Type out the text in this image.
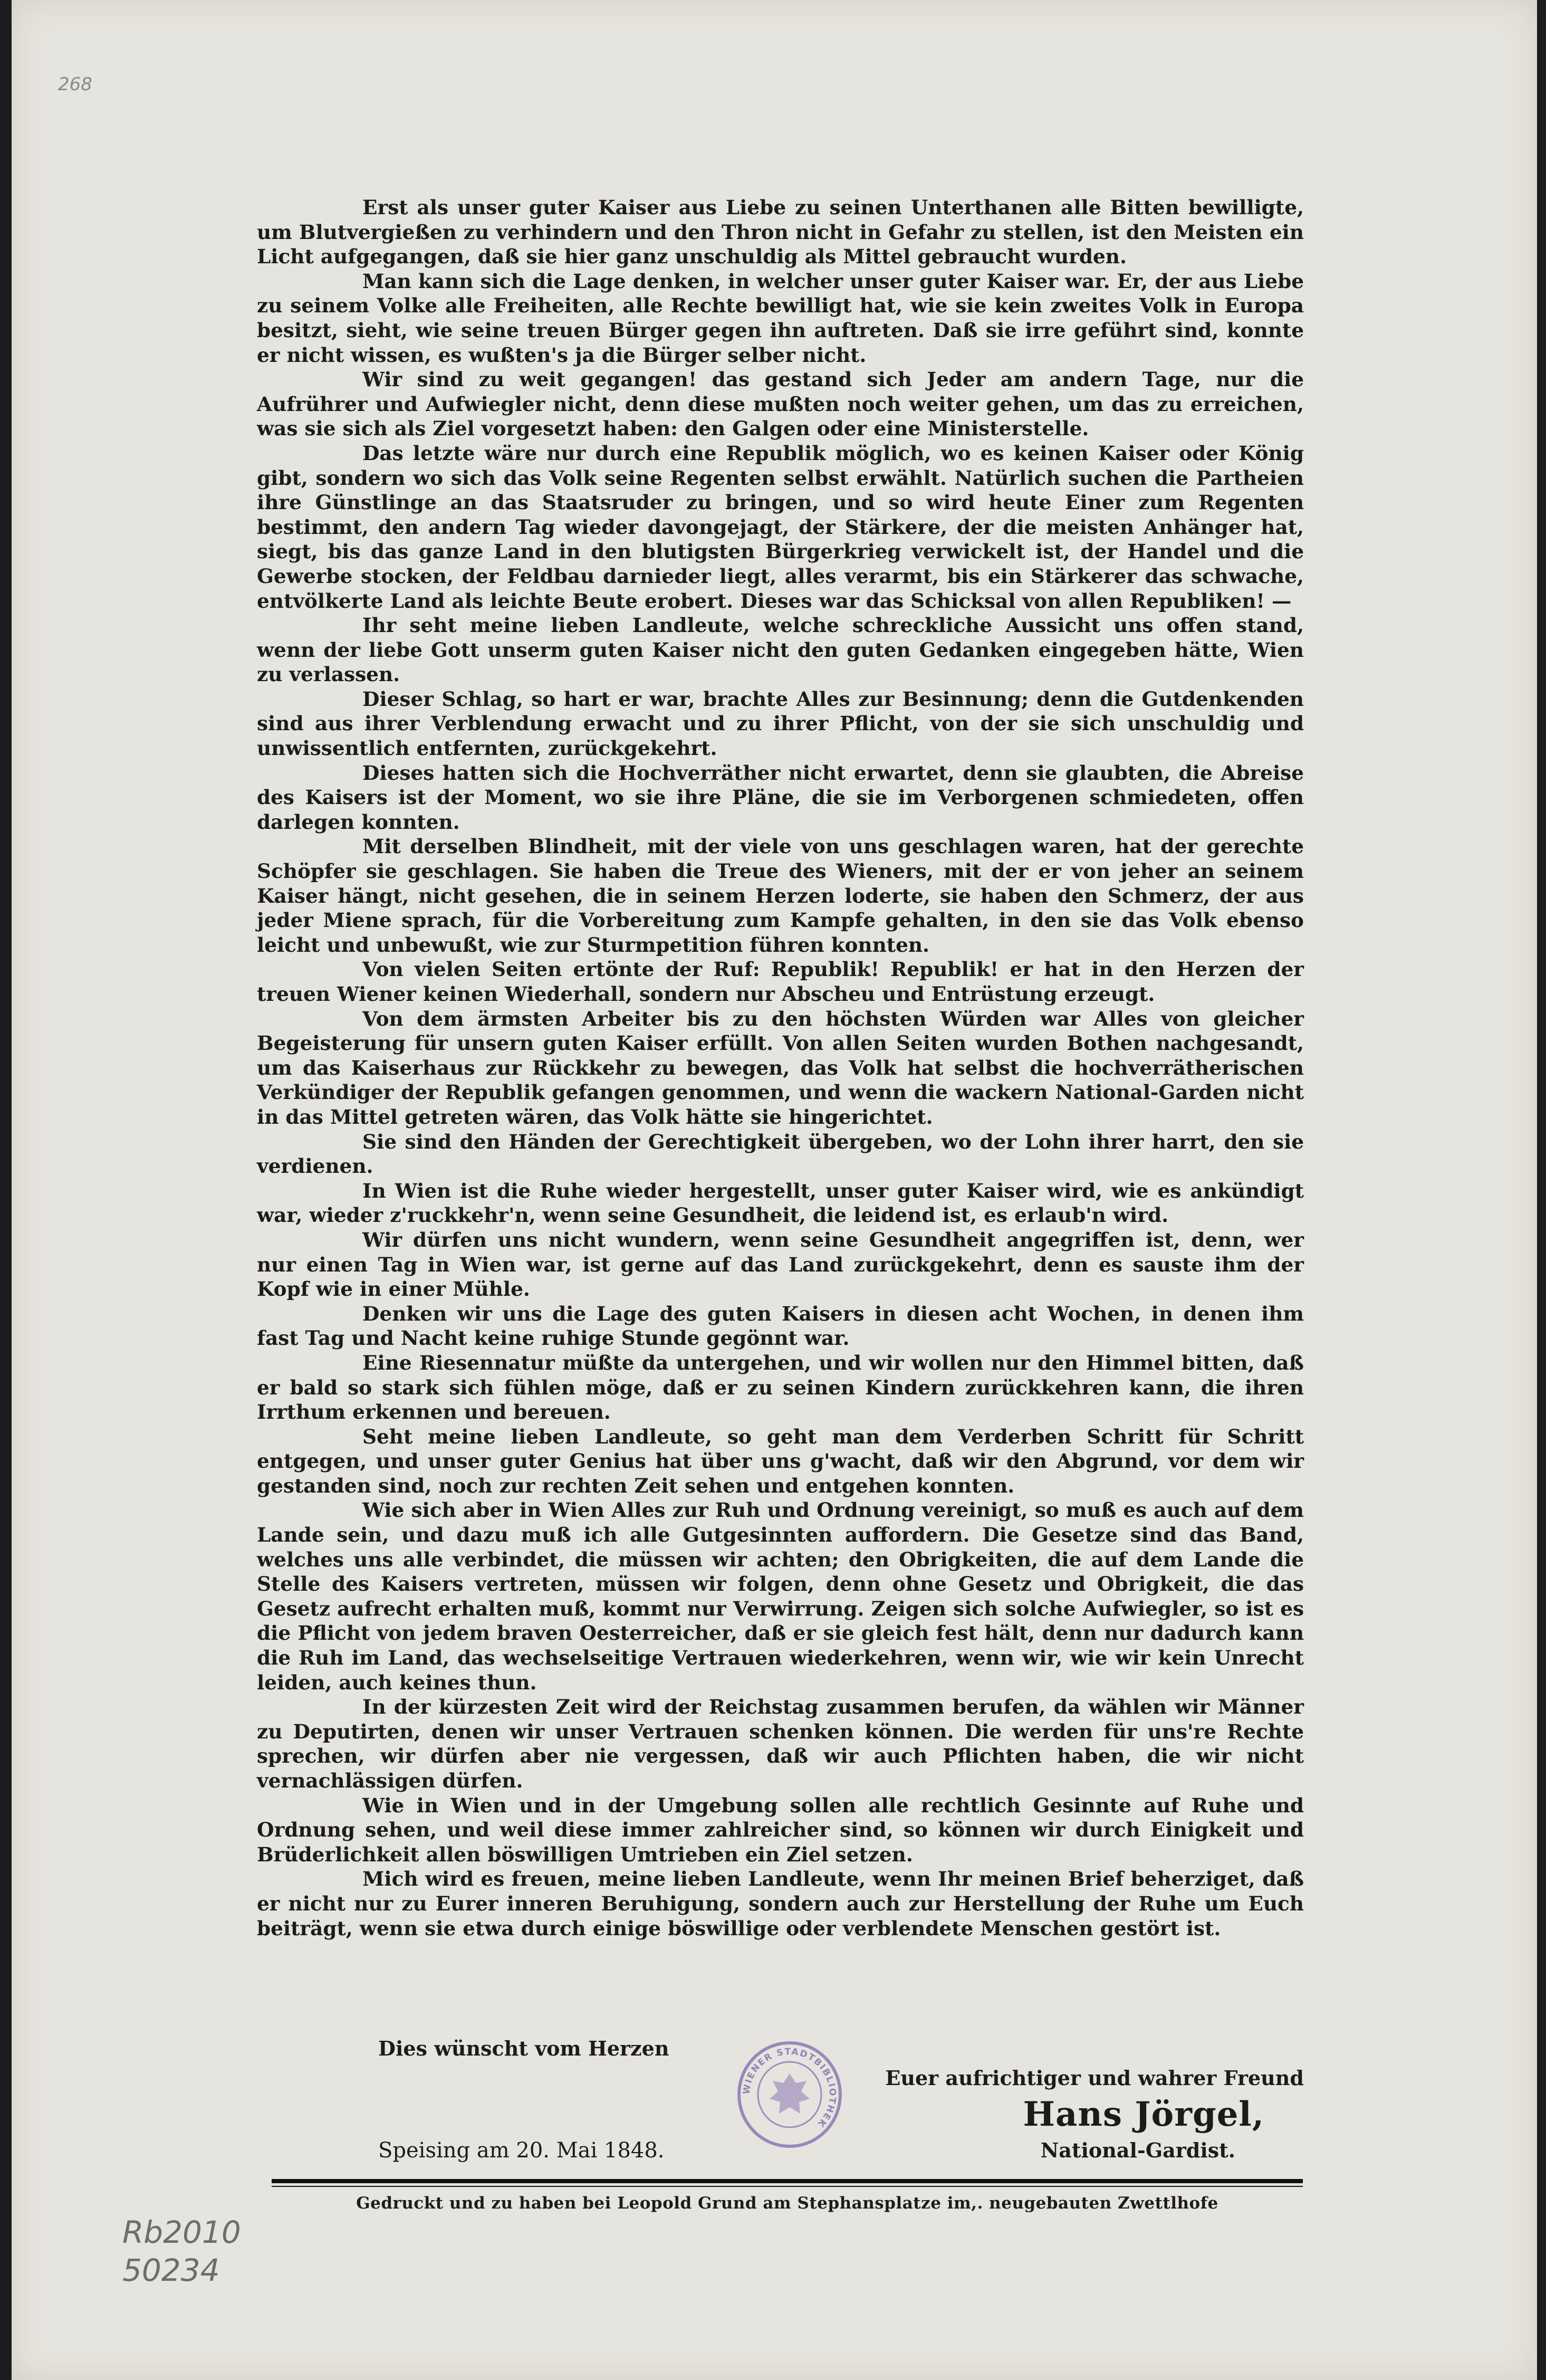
268

Erst als unser guter Kaiser aus Liebe zu seinen Unterthanen alle Bitten bewilligte, um Blutvergießen zu verhindern und den Thron nicht in Gefahr zu stellen, ist den Meisten ein Licht aufgegangen, daß sie hier ganz unschuldig als Mittel gebraucht wurden.

Man kann sich die Lage denken, in welcher unser guter Kaiser war. Er, der aus Liebe zu seinem Volke alle Freiheiten, alle Rechte bewilligt hat, wie sie kein zweites Volk in Europa besitzt, sieht, wie seine treuen Bürger gegen ihn auftreten. Daß sie irre geführt sind, konnte er nicht wissen, es wußten's ja die Bürger selber nicht.

Wir sind zu weit gegangen! das gestand sich Jeder am andern Tage, nur die Aufrührer und Aufwiegler nicht, denn diese mußten noch weiter gehen, um das zu erreichen, was sie sich als Ziel vorgesetzt haben: den Galgen oder eine Ministerstelle.

Das letzte wäre nur durch eine Republik möglich, wo es keinen Kaiser oder König gibt, sondern wo sich das Volk seine Regenten selbst erwählt. Natürlich suchen die Partheien ihre Günstlinge an das Staatsruder zu bringen, und so wird heute Einer zum Regenten bestimmt, den andern Tag wieder davongejagt, der Stärkere, der die meisten Anhänger hat, siegt, bis das ganze Land in den blutigsten Bürgerkrieg verwickelt ist, der Handel und die Gewerbe stocken, der Feldbau darnieder liegt, alles verarmt, bis ein Stärkerer das schwache, entvölkerte Land als leichte Beute erobert. Dieses war das Schicksal von allen Republiken! —

Ihr seht meine lieben Landleute, welche schreckliche Aussicht uns offen stand, wenn der liebe Gott unserm guten Kaiser nicht den guten Gedanken eingegeben hätte, Wien zu verlassen.

Dieser Schlag, so hart er war, brachte Alles zur Besinnung; denn die Gutdenkenden sind aus ihrer Verblendung erwacht und zu ihrer Pflicht, von der sie sich unschuldig und unwissentlich entfernten, zurückgekehrt.

Dieses hatten sich die Hochverräther nicht erwartet, denn sie glaubten, die Abreise des Kaisers ist der Moment, wo sie ihre Pläne, die sie im Verborgenen schmiedeten, offen darlegen konnten.

Mit derselben Blindheit, mit der viele von uns geschlagen waren, hat der gerechte Schöpfer sie geschlagen. Sie haben die Treue des Wieners, mit der er von jeher an seinem Kaiser hängt, nicht gesehen, die in seinem Herzen loderte, sie haben den Schmerz, der aus jeder Miene sprach, für die Vorbereitung zum Kampfe gehalten, in den sie das Volk ebenso leicht und unbewußt, wie zur Sturmpetition führen konnten.

Von vielen Seiten ertönte der Ruf: Republik! Republik! er hat in den Herzen der treuen Wiener keinen Wiederhall, sondern nur Abscheu und Entrüstung erzeugt.

Von dem ärmsten Arbeiter bis zu den höchsten Würden war Alles von gleicher Begeisterung für unsern guten Kaiser erfüllt. Von allen Seiten wurden Bothen nachgesandt, um das Kaiserhaus zur Rückkehr zu bewegen, das Volk hat selbst die hochverrätherischen Verkündiger der Republik gefangen genommen, und wenn die wackern National-Garden nicht in das Mittel getreten wären, das Volk hätte sie hingerichtet.

Sie sind den Händen der Gerechtigkeit übergeben, wo der Lohn ihrer harrt, den sie verdienen.

In Wien ist die Ruhe wieder hergestellt, unser guter Kaiser wird, wie es ankündigt war, wieder z'ruckkehr'n, wenn seine Gesundheit, die leidend ist, es erlaub'n wird.

Wir dürfen uns nicht wundern, wenn seine Gesundheit angegriffen ist, denn, wer nur einen Tag in Wien war, ist gerne auf das Land zurückgekehrt, denn es sauste ihm der Kopf wie in einer Mühle.

Denken wir uns die Lage des guten Kaisers in diesen acht Wochen, in denen ihm fast Tag und Nacht keine ruhige Stunde gegönnt war.

Eine Riesennatur müßte da untergehen, und wir wollen nur den Himmel bitten, daß er bald so stark sich fühlen möge, daß er zu seinen Kindern zurückkehren kann, die ihren Irrthum erkennen und bereuen.

Seht meine lieben Landleute, so geht man dem Verderben Schritt für Schritt entgegen, und unser guter Genius hat über uns g'wacht, daß wir den Abgrund, vor dem wir gestanden sind, noch zur rechten Zeit sehen und entgehen konnten.

Wie sich aber in Wien Alles zur Ruh und Ordnung vereinigt, so muß es auch auf dem Lande sein, und dazu muß ich alle Gutgesinnten auffordern. Die Gesetze sind das Band, welches uns alle verbindet, die müssen wir achten; den Obrigkeiten, die auf dem Lande die Stelle des Kaisers vertreten, müssen wir folgen, denn ohne Gesetz und Obrigkeit, die das Gesetz aufrecht erhalten muß, kommt nur Verwirrung. Zeigen sich solche Aufwiegler, so ist es die Pflicht von jedem braven Oesterreicher, daß er sie gleich fest hält, denn nur dadurch kann die Ruh im Land, das wechselseitige Vertrauen wiederkehren, wenn wir, wie wir kein Unrecht leiden, auch keines thun.

In der kürzesten Zeit wird der Reichstag zusammen berufen, da wählen wir Männer zu Deputirten, denen wir unser Vertrauen schenken können. Die werden für uns're Rechte sprechen, wir dürfen aber nie vergessen, daß wir auch Pflichten haben, die wir nicht vernachlässigen dürfen.

Wie in Wien und in der Umgebung sollen alle rechtlich Gesinnte auf Ruhe und Ordnung sehen, und weil diese immer zahlreicher sind, so können wir durch Einigkeit und Brüderlichkeit allen böswilligen Umtrieben ein Ziel setzen.

Mich wird es freuen, meine lieben Landleute, wenn Ihr meinen Brief beherziget, daß er nicht nur zu Eurer inneren Beruhigung, sondern auch zur Herstellung der Ruhe um Euch beiträgt, wenn sie etwa durch einige böswillige oder verblendete Menschen gestört ist.

Dies wünscht vom Herzen
Euer aufrichtiger und wahrer Freund
Hans Jörgel,
Speising am 20. Mai 1848.	National-Gardist.
WIENER STADTBIBLIOTHEK
Gedruckt und zu haben bei Leopold Grund am Stephansplatze im,. neugebauten Zwettlhofe
Rb2010
50234
